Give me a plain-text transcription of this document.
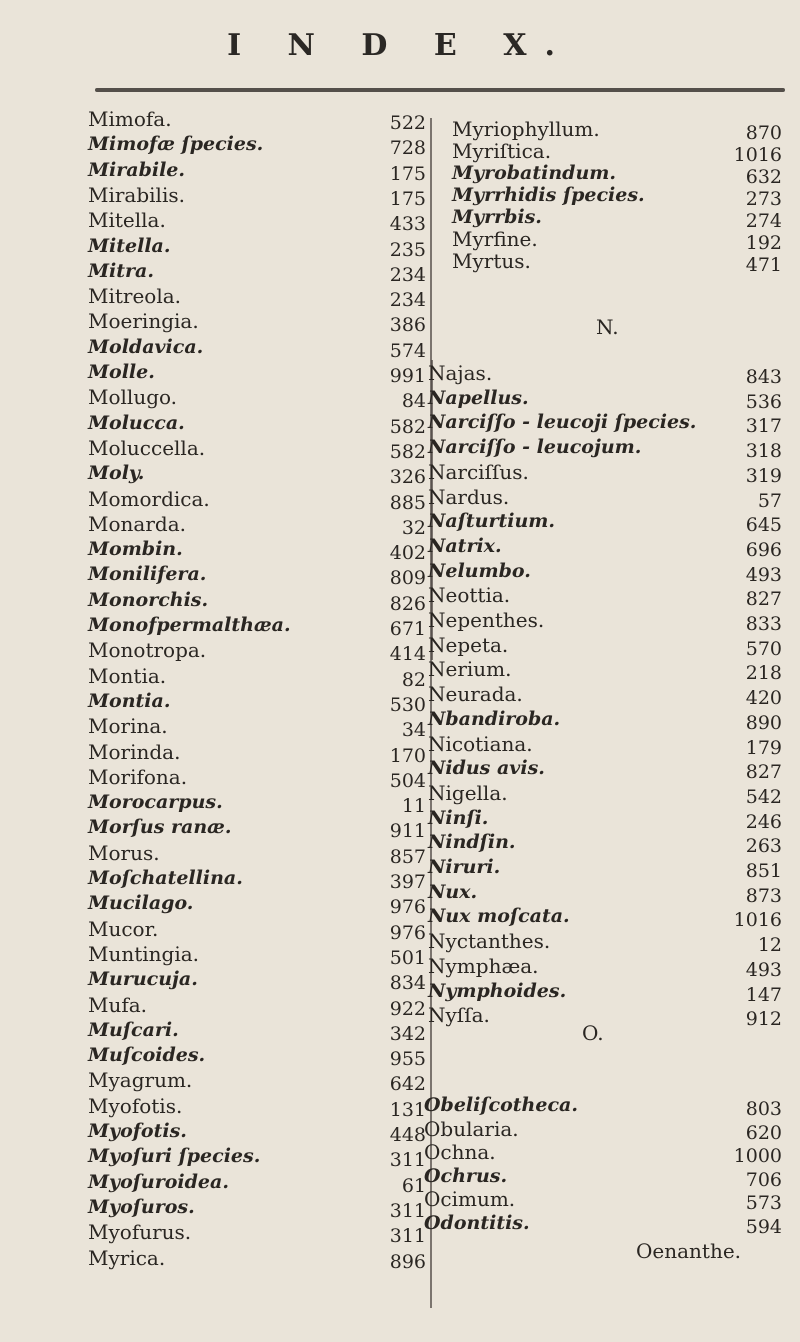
I N D E X.
Mimofa.	522
Mimofæ ſpecies.	728
Mirabile.	175
Mirabilis.	175
Mitella.	433
Mitella.	235
Mitra.	234
Mitreola.	234
Moeringia.	386
Moldavica.	574
Molle.	991
Mollugo.	84
Molucca.	582
Moluccella.	582
Moly.	326
Momordica.	885
Monarda.	32
Mombin.	402
Monilifera.	809
Monorchis.	826
Monofpermalthæa.	671
Monotropa.	414
Montia.	82
Montia.	530
Morina.	34
Morinda.	170
Morifona.	504
Morocarpus.	11
Morſus ranæ.	911
Morus.	857
Moſchatellina.	397
Mucilago.	976
Mucor.	976
Muntingia.	501
Murucuja.	834
Mufa.	922
Muſcari.	342
Muſcoides.	955
Myagrum.	642
Myofotis.	131
Myofotis.	448
Myoſuri ſpecies.	311
Myoſuroidea.	61
Myoſuros.	311
Myofurus.	311
Myrica.	896
Myriophyllum.	870
Myriſtica.	1016
Myrobatindum.	632
Myrrhidis ſpecies.	273
Myrrbis.	274
Myrfine.	192
Myrtus.	471
N.
Najas.	843
Napellus.	536
Narciſſo - leucoji ſpecies.	317
Narciſſo - leucojum.	318
Narciſſus.	319
Nardus.	57
Naſturtium.	645
Natrix.	696
Nelumbo.	493
Neottia.	827
Nepenthes.	833
Nepeta.	570
Nerium.	218
Neurada.	420
Nbandiroba.	890
Nicotiana.	179
Nidus avis.	827
Nigella.	542
Ninſi.	246
Nindſin.	263
Niruri.	851
Nux.	873
Nux moſcata.	1016
Nyctanthes.	12
Nymphæa.	493
Nymphoides.	147
Nyſſa.	912
O.
Obeliſcotheca.	803
Obularia.	620
Ochna.	1000
Ochrus.	706
Ocimum.	573
Odontitis.	594
Oenanthe.
